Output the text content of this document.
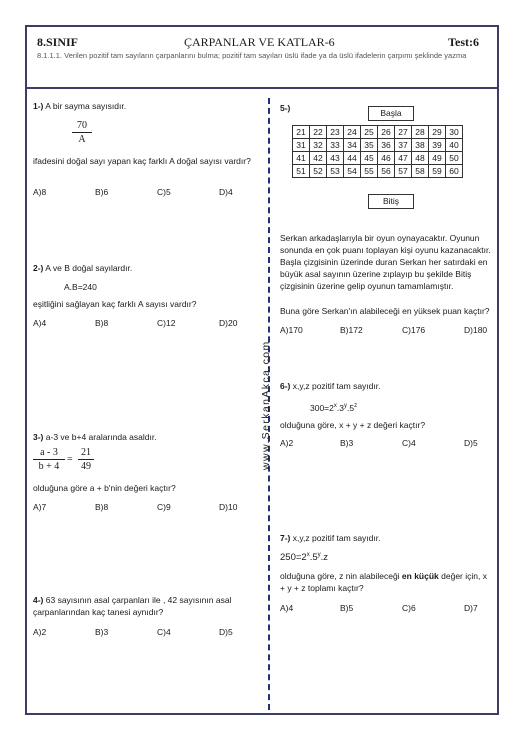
8.SINIF	ÇARPANLAR VE KATLAR-6	Test:6
8.1.1.1. Verilen pozitif tam sayıların çarpanlarını bulma; pozitif tam sayıları üslü ifade ya da üslü ifadelerin çarpımı şeklinde yazma
www.SerkanAkca.com
1-) A bir sayma sayısıdır.
$\frac{70}{A}$
ifadesini doğal sayı yapan kaç farklı A doğal sayısı vardır?
A)8	B)6	C)5	D)4
2-) A ve B doğal sayılardır.
A.B=240
eşitliğini sağlayan kaç farklı A sayısı vardır?
A)4	B)8	C)12	D)20
3-) a-3 ve b+4 aralarında asaldır.
$\frac{a - 3}{b + 4} = \frac{21}{49}$
olduğuna göre a + b'nin değeri kaçtır?
A)7	B)8	C)9	D)10
4-) 63 sayısının asal çarpanları ile , 42 sayısının asal çarpanlarından kaç tanesi aynıdır?
A)2	B)3	C)4	D)5
5-)	Başla
21	22	23	24	25	26	27	28	29	30
31	32	33	34	35	36	37	38	39	40
41	42	43	44	45	46	47	48	49	50
51	52	53	54	55	56	57	58	59	60
Bitiş
Serkan arkadaşlarıyla bir oyun oynayacaktır. Oyunun sonunda en çok puanı toplayan kişi oyunu kazanacaktır. Başla çizgisinin üzerinde duran Serkan her satırdaki en büyük asal sayının üzerine zıplayıp bu şekilde Bitiş çizgisinin üzerine gelip oyunun tamamlamıştır.
Buna göre Serkan'ın alabileceği en yüksek puan kaçtır?
A)170	B)172	C)176	D)180
6-) x,y,z pozitif tam sayıdır.
$300=2^x.3^y.5^z$
olduğuna göre, x + y + z değeri kaçtır?
A)2	B)3	C)4	D)5
7-) x,y,z pozitif tam sayıdır.
$250=2^x.5^y.z$
olduğuna göre, z nin alabileceği en küçük değer için, x + y + z toplamı kaçtır?
A)4	B)5	C)6	D)7
